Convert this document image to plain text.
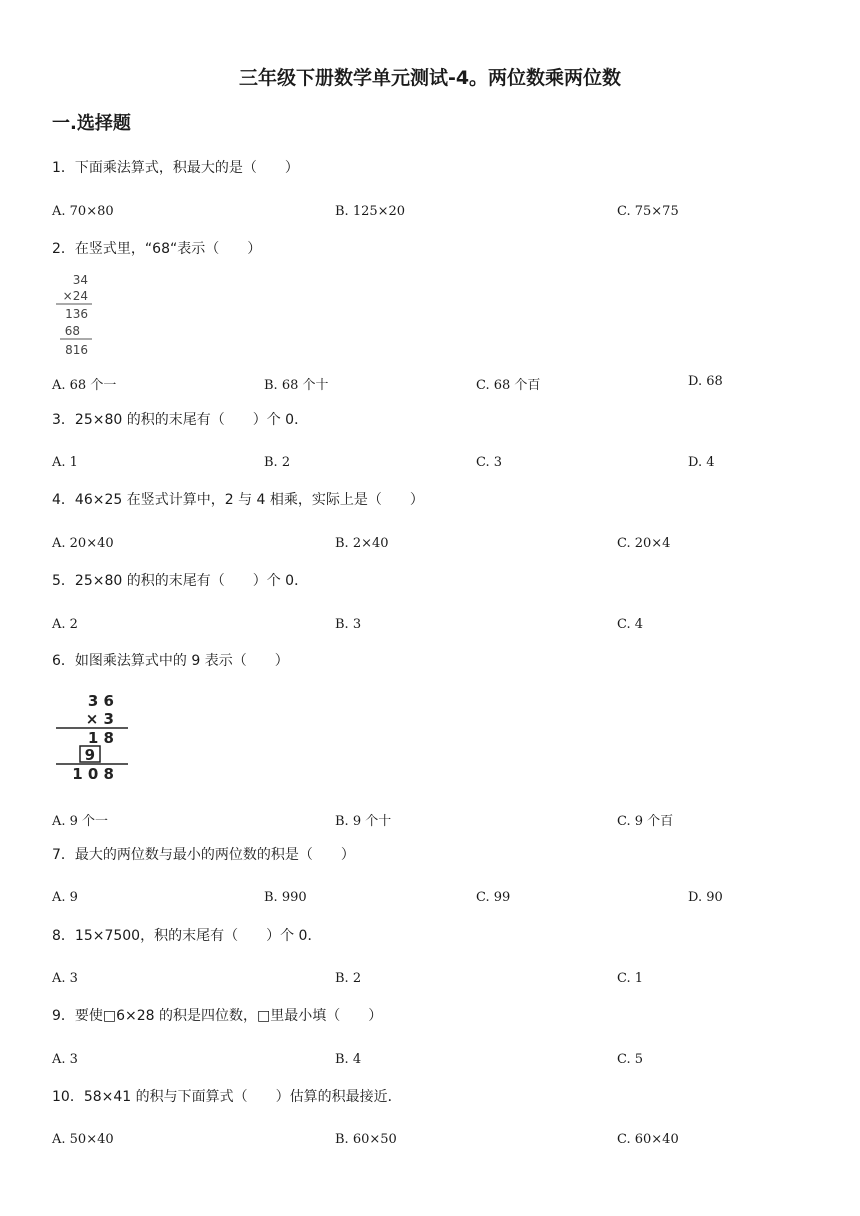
三年级下册数学单元测试-4。两位数乘两位数
一.选择题
1．下面乘法算式，积最大的是（　　）
A. 70×80	B. 125×20	C. 75×75
2．在竖式里，“68“表示（　　）
34
×24
136
68
816
A. 68 个一	B. 68 个十	C. 68 个百	D. 68
3．25×80 的积的末尾有（　　）个 0．
A. 1	B. 2	C. 3	D. 4
4．46×25 在竖式计算中，2 与 4 相乘，实际上是（　　）
A. 20×40	B. 2×40	C. 20×4
5．25×80 的积的末尾有（　　）个 0．
A. 2	B. 3	C. 4
6．如图乘法算式中的 9 表示（　　）
3 6
× 3
1 8
9
1 0 8
A. 9 个一	B. 9 个十	C. 9 个百
7．最大的两位数与最小的两位数的积是（　　）
A. 9	B. 990	C. 99	D. 90
8．15×7500，积的末尾有（　　）个 0．
A. 3	B. 2	C. 1
9．要使□6×28 的积是四位数，□里最小填（　　）
A. 3	B. 4	C. 5
10．58×41 的积与下面算式（　　）估算的积最接近．
A. 50×40	B. 60×50	C. 60×40
